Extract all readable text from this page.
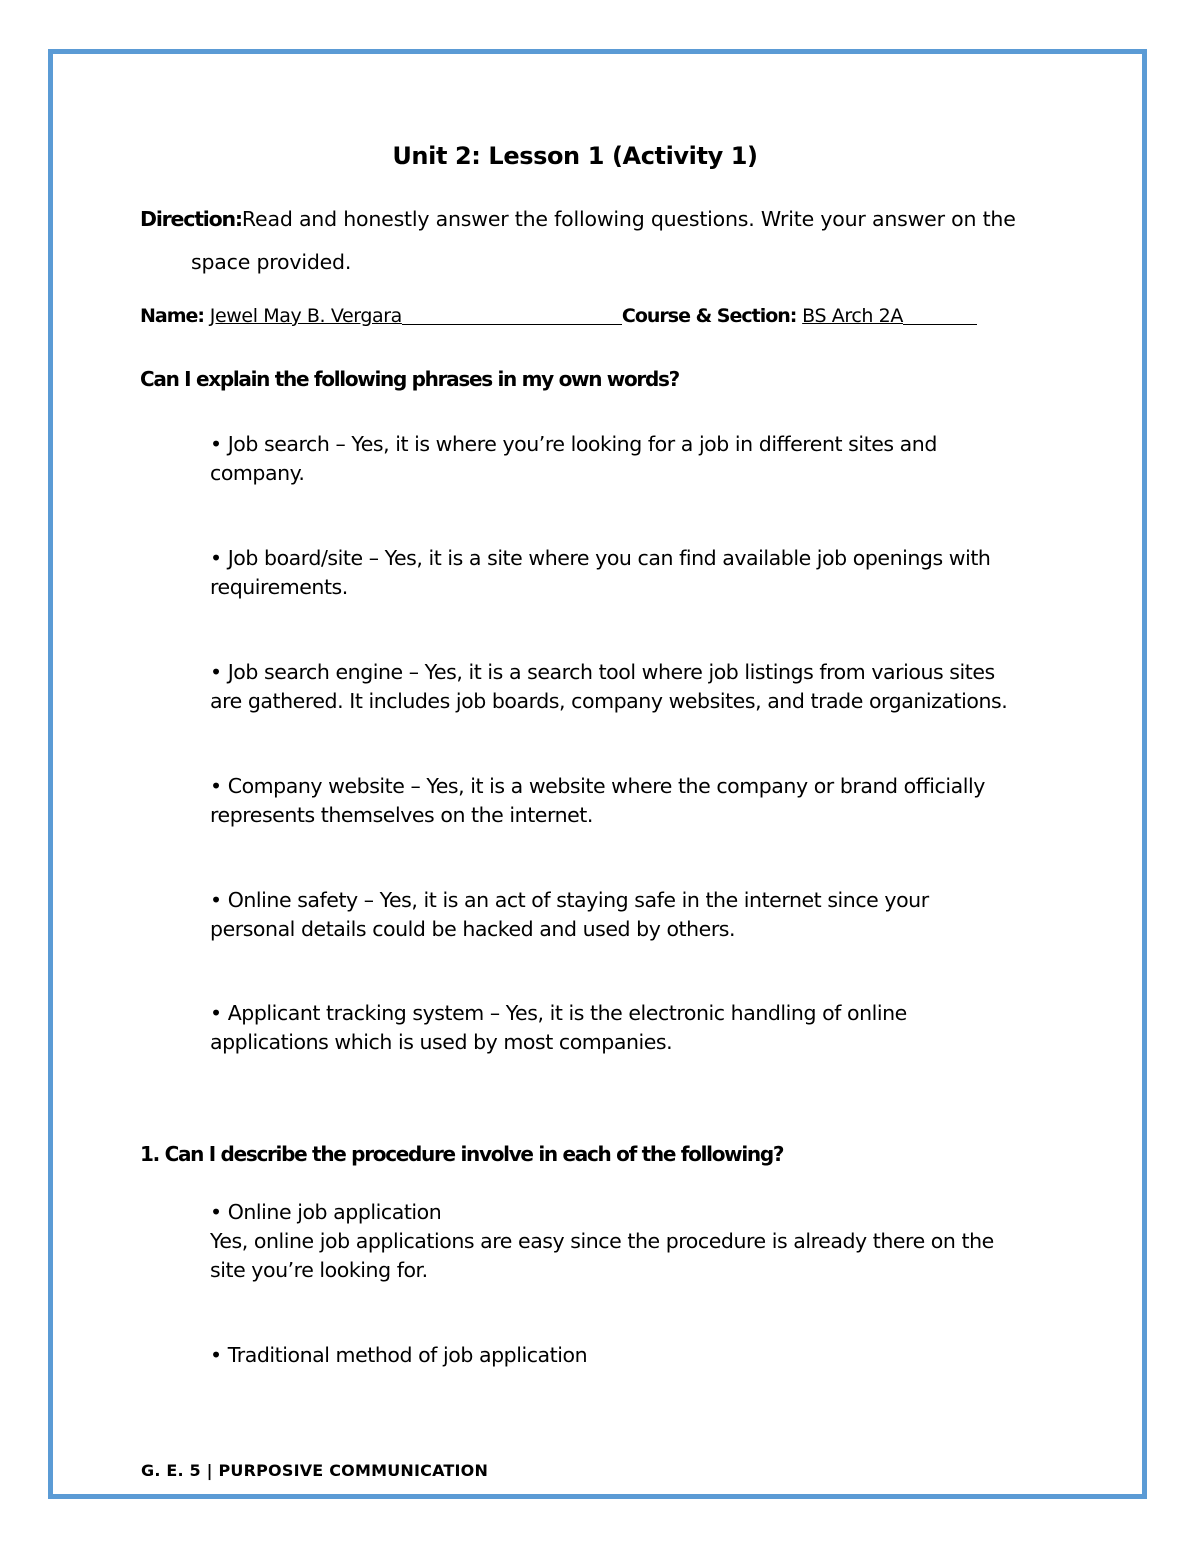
Unit 2: Lesson 1 (Activity 1)
Direction:Read and honestly answer the following questions. Write your answer on the
space provided.
Name: Jewel May B. Vergara	Course & Section: BS Arch 2A
Can I explain the following phrases in my own words?
• Job search – Yes, it is where you’re looking for a job in different sites and
company.
• Job board/site – Yes, it is a site where you can find available job openings with
requirements.
• Job search engine – Yes, it is a search tool where job listings from various sites
are gathered. It includes job boards, company websites, and trade organizations.
• Company website – Yes, it is a website where the company or brand officially
represents themselves on the internet.
• Online safety – Yes, it is an act of staying safe in the internet since your
personal details could be hacked and used by others.
• Applicant tracking system – Yes, it is the electronic handling of online
applications which is used by most companies.
1. Can I describe the procedure involve in each of the following?
• Online job application
Yes, online job applications are easy since the procedure is already there on the
site you’re looking for.
• Traditional method of job application
G. E. 5 | PURPOSIVE COMMUNICATION
